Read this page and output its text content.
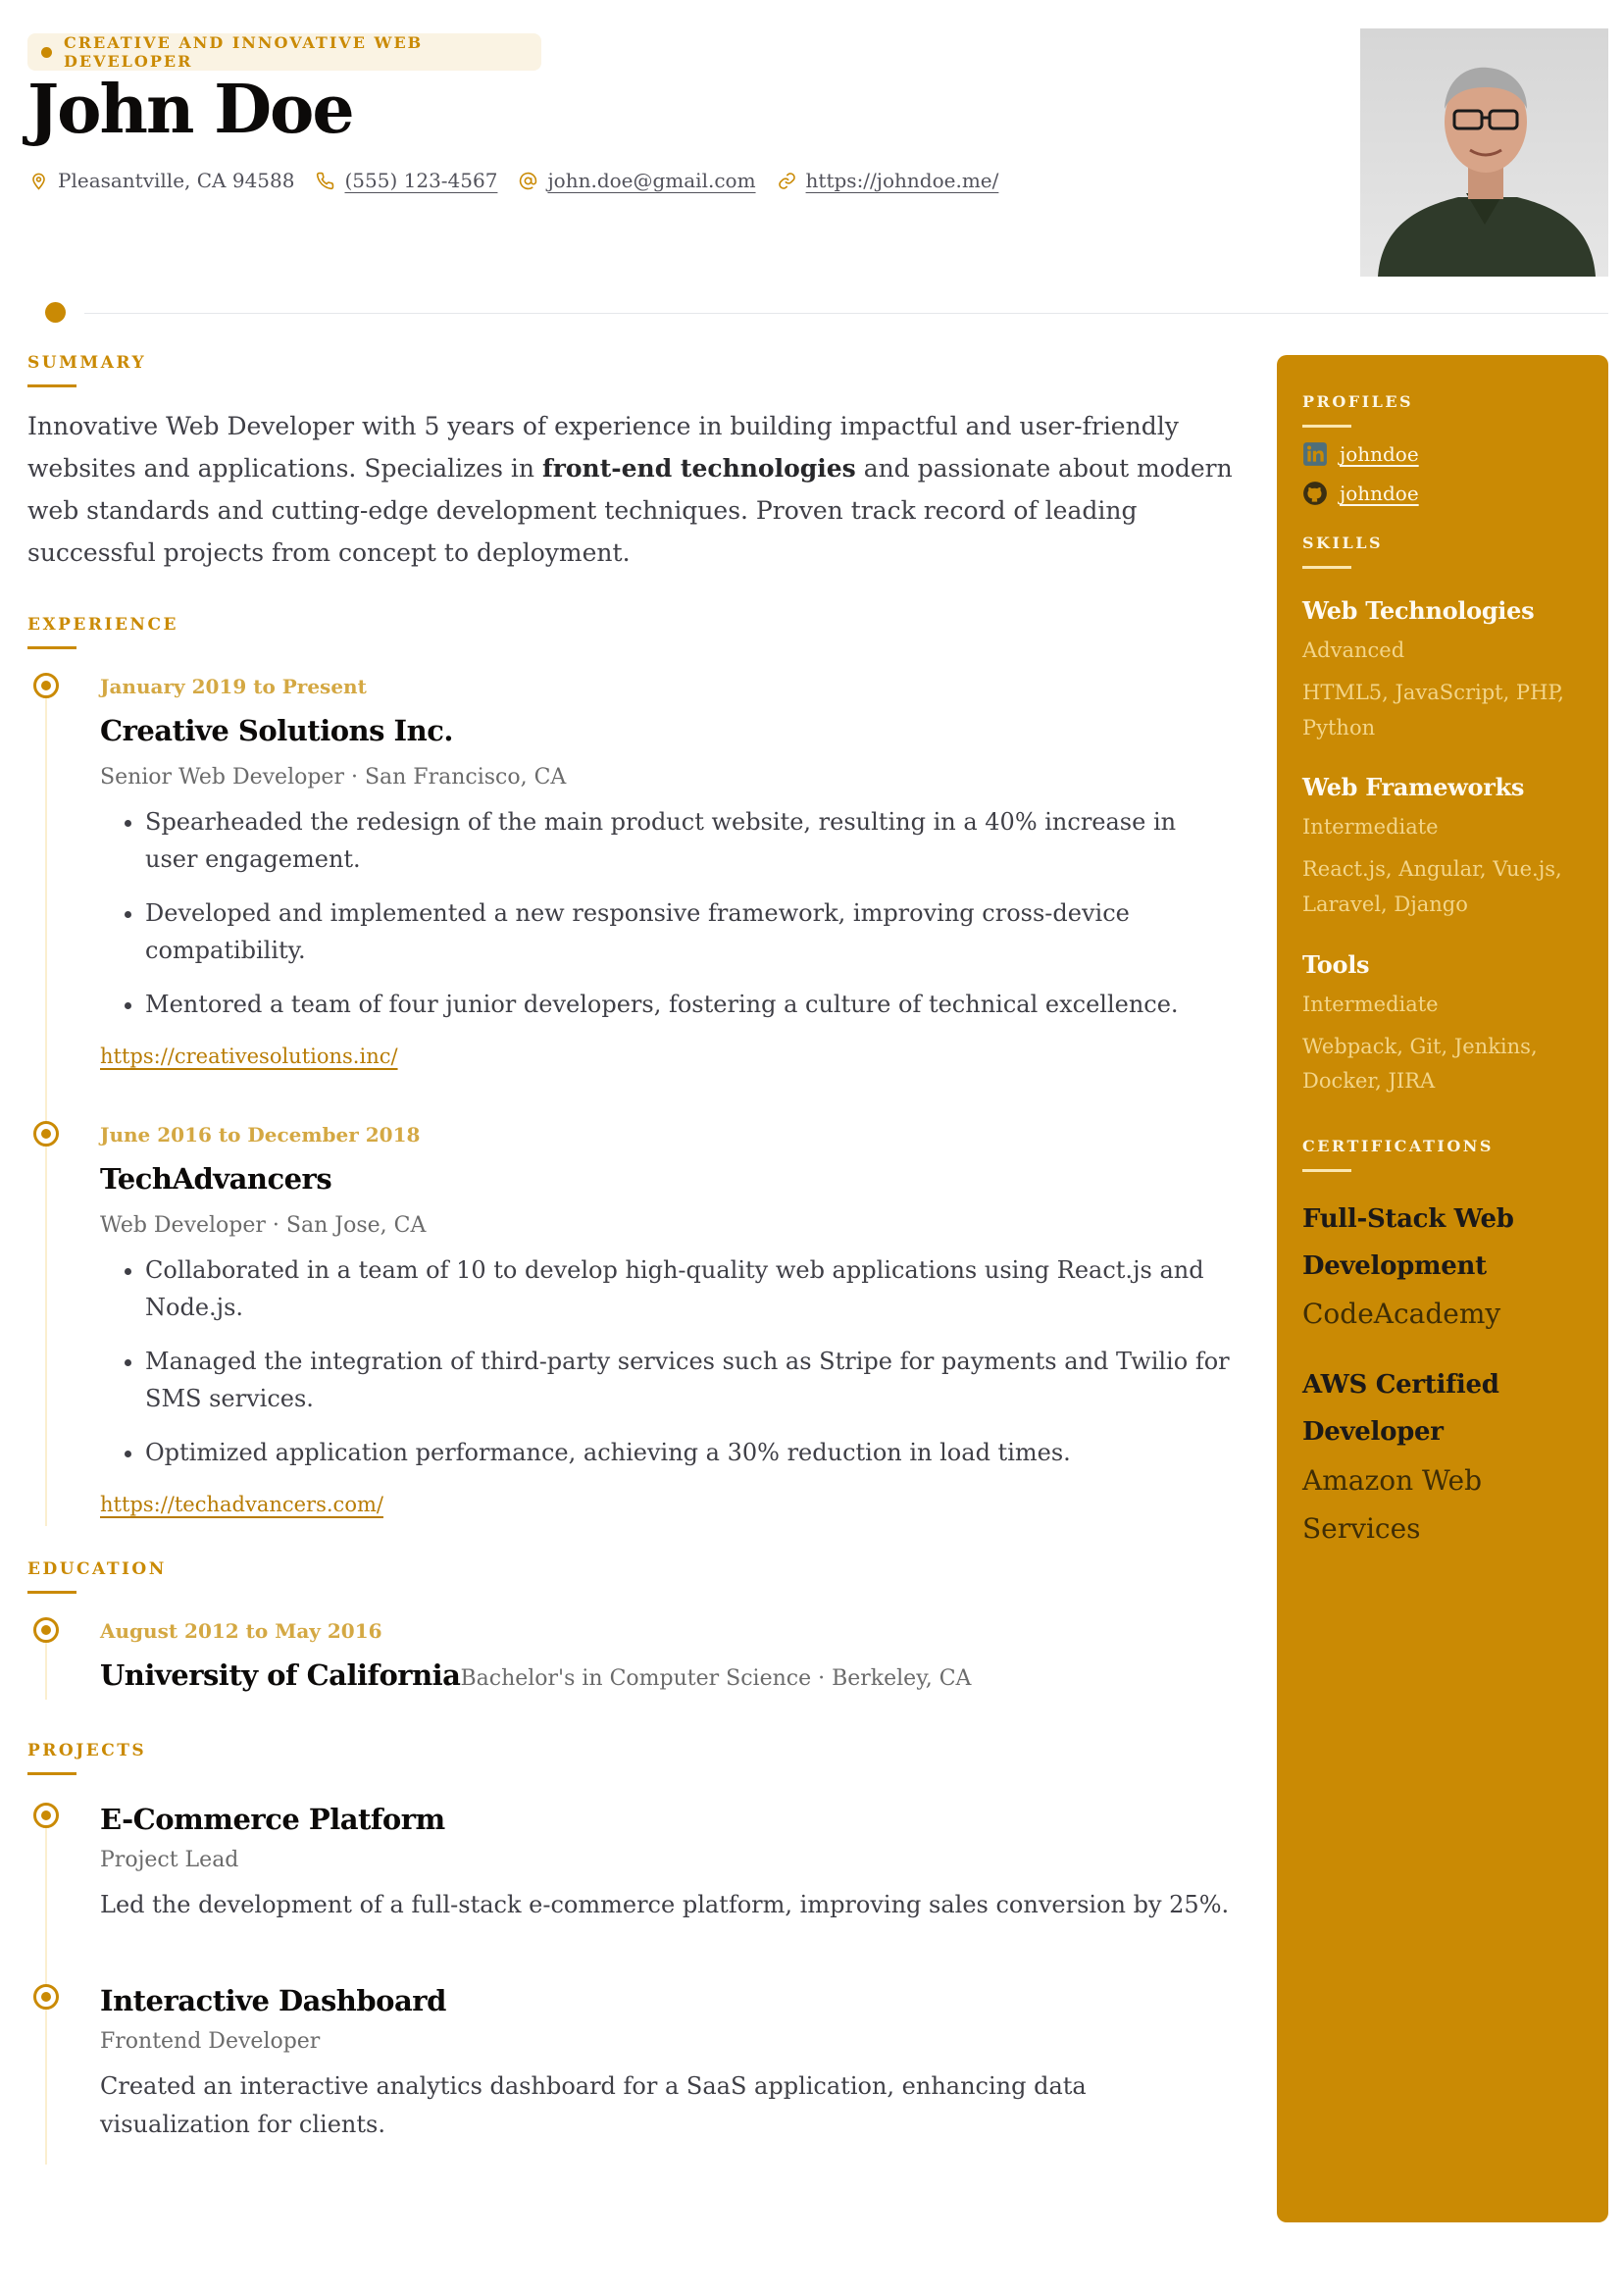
CREATIVE AND INNOVATIVE WEB DEVELOPER
John Doe
Pleasantville, CA 94588	(555) 123-4567	john.doe@gmail.com	https://johndoe.me/
SUMMARY

Innovative Web Developer with 5 years of experience in building impactful and user-friendly websites and applications. Specializes in front-end technologies and passionate about modern web standards and cutting-edge development techniques. Proven track record of leading successful projects from concept to deployment.

EXPERIENCE
January 2019 to Present
Creative Solutions Inc.
Senior Web Developer · San Francisco, CA
• Spearheaded the redesign of the main product website, resulting in a 40% increase in user engagement.
• Developed and implemented a new responsive framework, improving cross-device compatibility.
• Mentored a team of four junior developers, fostering a culture of technical excellence.
https://creativesolutions.inc/
June 2016 to December 2018
TechAdvancers
Web Developer · San Jose, CA
• Collaborated in a team of 10 to develop high-quality web applications using React.js and Node.js.
• Managed the integration of third-party services such as Stripe for payments and Twilio for SMS services.
• Optimized application performance, achieving a 30% reduction in load times.
https://techadvancers.com/
EDUCATION
August 2012 to May 2016
University of California Bachelor's in Computer Science · Berkeley, CA
PROJECTS
E-Commerce Platform
Project Lead
Led the development of a full-stack e-commerce platform, improving sales conversion by 25%.
Interactive Dashboard
Frontend Developer
Created an interactive analytics dashboard for a SaaS application, enhancing data visualization for clients.
PROFILES
johndoe
johndoe
SKILLS
Web Technologies
Advanced
HTML5, JavaScript, PHP, Python
Web Frameworks
Intermediate
React.js, Angular, Vue.js, Laravel, Django
Tools
Intermediate
Webpack, Git, Jenkins, Docker, JIRA
CERTIFICATIONS
Full-Stack Web Development
CodeAcademy
AWS Certified Developer
Amazon Web Services
